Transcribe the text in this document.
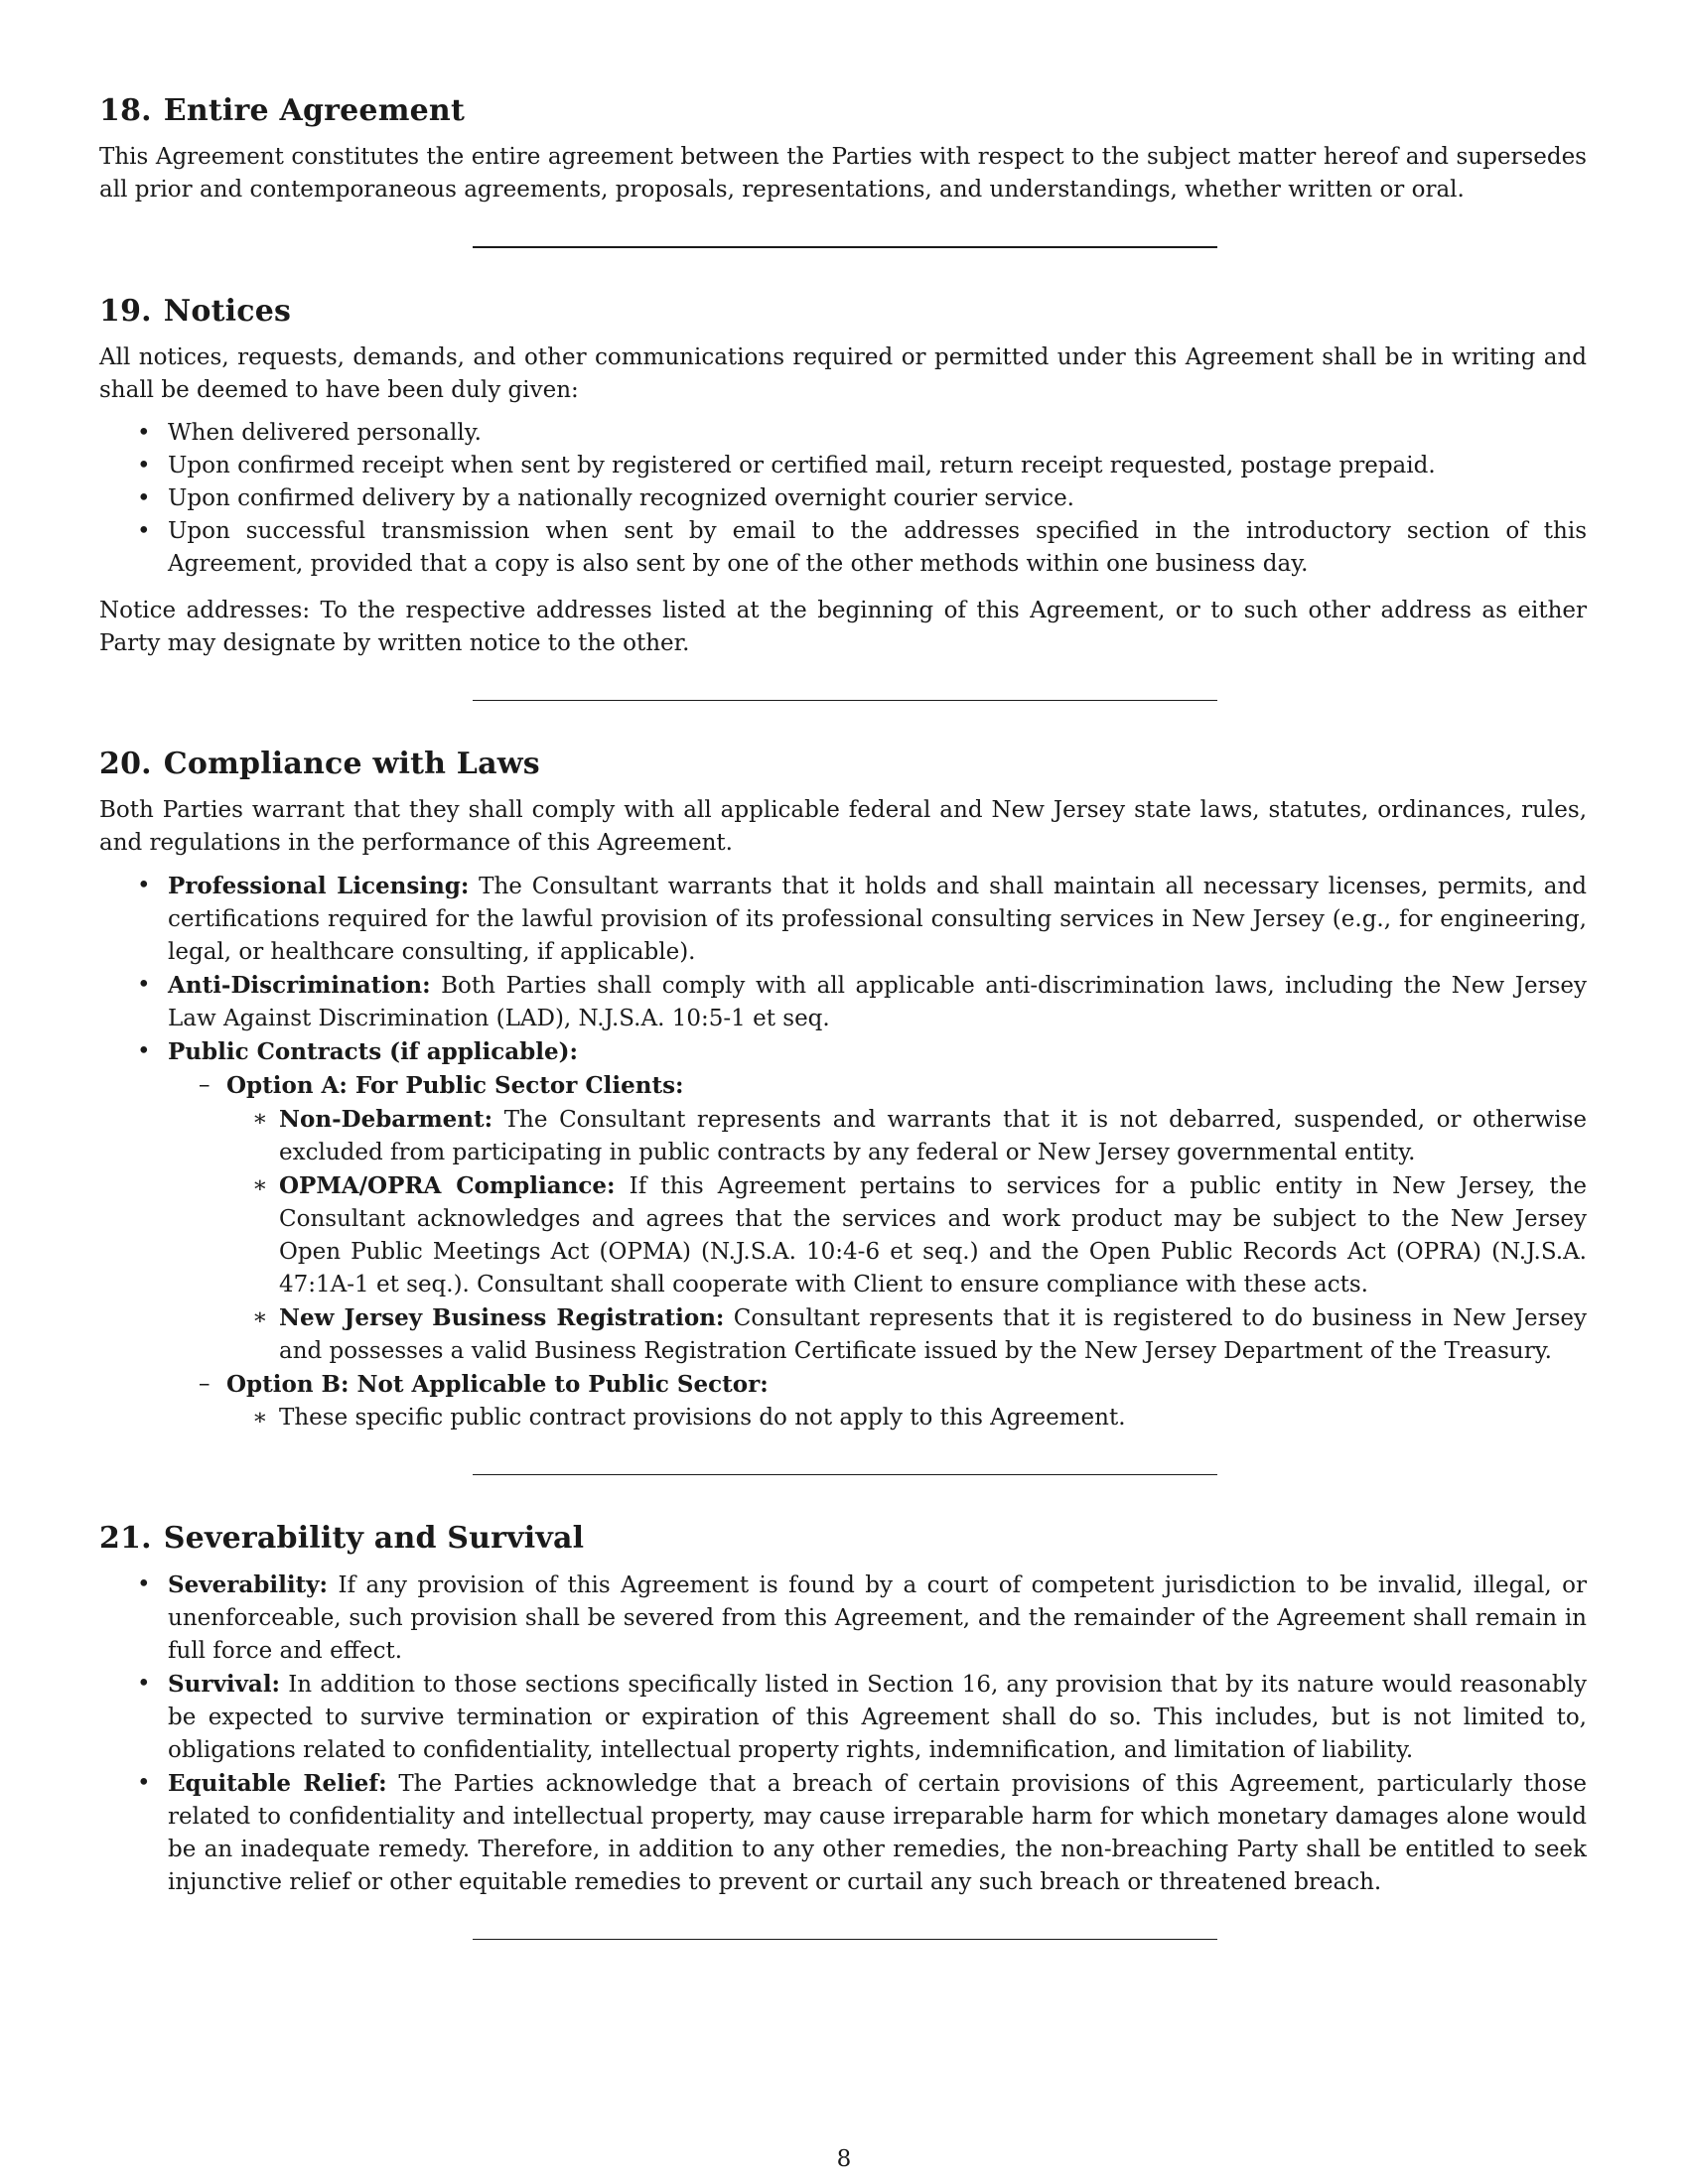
18. Entire Agreement

This Agreement constitutes the entire agreement between the Parties with respect to the subject matter hereof and supersedes all prior and contemporaneous agreements, proposals, representations, and understandings, whether written or oral.

19. Notices

All notices, requests, demands, and other communications required or permitted under this Agreement shall be in writing and shall be deemed to have been duly given:

• When delivered personally.
• Upon confirmed receipt when sent by registered or certified mail, return receipt requested, postage prepaid.
• Upon confirmed delivery by a nationally recognized overnight courier service.
• Upon successful transmission when sent by email to the addresses specified in the introductory section of this Agreement, provided that a copy is also sent by one of the other methods within one business day.

Notice addresses: To the respective addresses listed at the beginning of this Agreement, or to such other address as either Party may designate by written notice to the other.

20. Compliance with Laws

Both Parties warrant that they shall comply with all applicable federal and New Jersey state laws, statutes, ordinances, rules, and regulations in the performance of this Agreement.

• Professional Licensing: The Consultant warrants that it holds and shall maintain all necessary licenses, permits, and certifications required for the lawful provision of its professional consulting services in New Jersey (e.g., for engineering, legal, or healthcare consulting, if applicable).
• Anti-Discrimination: Both Parties shall comply with all applicable anti-discrimination laws, including the New Jersey Law Against Discrimination (LAD), N.J.S.A. 10:5-1 et seq.
• Public Contracts (if applicable):
– Option A: For Public Sector Clients:
∗ Non-Debarment: The Consultant represents and warrants that it is not debarred, suspended, or otherwise excluded from participating in public contracts by any federal or New Jersey governmental entity.
∗ OPMA/OPRA Compliance: If this Agreement pertains to services for a public entity in New Jersey, the Consultant acknowledges and agrees that the services and work product may be subject to the New Jersey Open Public Meetings Act (OPMA) (N.J.S.A. 10:4-6 et seq.) and the Open Public Records Act (OPRA) (N.J.S.A. 47:1A-1 et seq.). Consultant shall cooperate with Client to ensure compliance with these acts.
∗ New Jersey Business Registration: Consultant represents that it is registered to do business in New Jersey and possesses a valid Business Registration Certificate issued by the New Jersey Department of the Treasury.
– Option B: Not Applicable to Public Sector:
∗ These specific public contract provisions do not apply to this Agreement.
21. Severability and Survival
• Severability: If any provision of this Agreement is found by a court of competent jurisdiction to be invalid, illegal, or unenforceable, such provision shall be severed from this Agreement, and the remainder of the Agreement shall remain in full force and effect.
• Survival: In addition to those sections specifically listed in Section 16, any provision that by its nature would reasonably be expected to survive termination or expiration of this Agreement shall do so. This includes, but is not limited to, obligations related to confidentiality, intellectual property rights, indemnification, and limitation of liability.
• Equitable Relief: The Parties acknowledge that a breach of certain provisions of this Agreement, particularly those related to confidentiality and intellectual property, may cause irreparable harm for which monetary damages alone would be an inadequate remedy. Therefore, in addition to any other remedies, the non-breaching Party shall be entitled to seek injunctive relief or other equitable remedies to prevent or curtail any such breach or threatened breach.
8
